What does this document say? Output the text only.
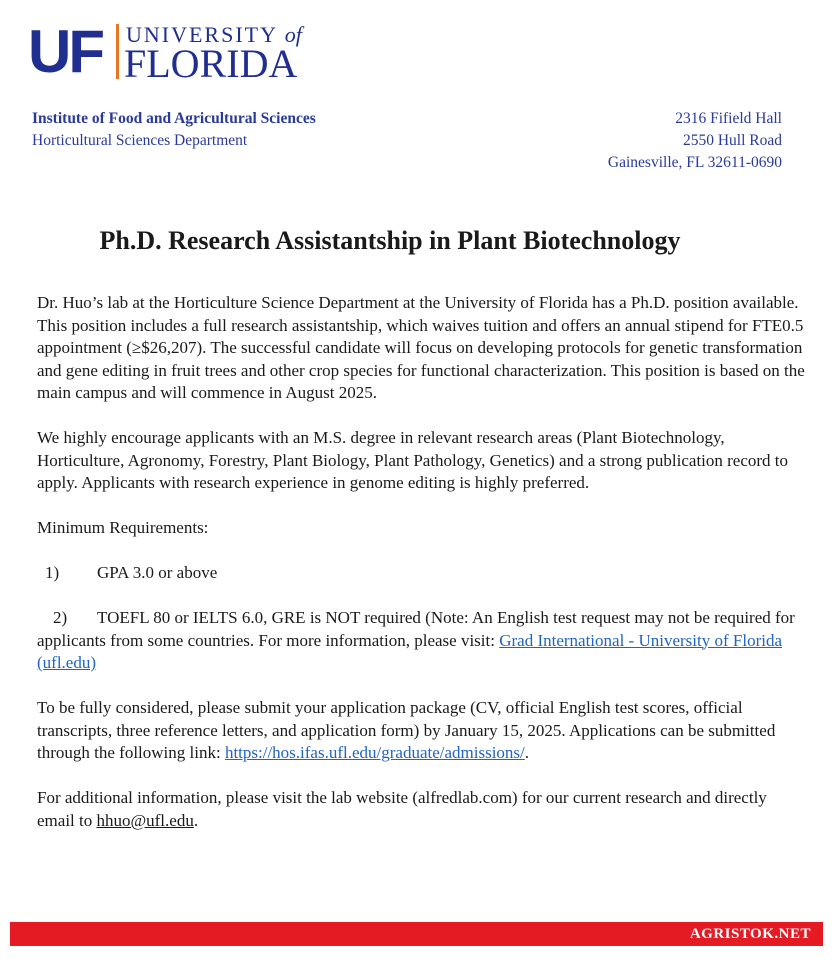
UF UNIVERSITY of
FLORIDA
Institute of Food and Agricultural Sciences
Horticultural Sciences Department
2316 Fifield Hall
2550 Hull Road
Gainesville, FL 32611-0690
Ph.D. Research Assistantship in Plant Biotechnology

Dr. Huo’s lab at the Horticulture Science Department at the University of Florida has a Ph.D. position available. This position includes a full research assistantship, which waives tuition and offers an annual stipend for FTE0.5 appointment (≥$26,207). The successful candidate will focus on developing protocols for genetic transformation and gene editing in fruit trees and other crop species for functional characterization. This position is based on the main campus and will commence in August 2025.

We highly encourage applicants with an M.S. degree in relevant research areas (Plant Biotechnology, Horticulture, Agronomy, Forestry, Plant Biology, Plant Pathology, Genetics) and a strong publication record to apply. Applicants with research experience in genome editing is highly preferred.

Minimum Requirements:

1) GPA 3.0 or above

2) TOEFL 80 or IELTS 6.0, GRE is NOT required (Note: An English test request may not be required for applicants from some countries. For more information, please visit: Grad International - University of Florida (ufl.edu)

To be fully considered, please submit your application package (CV, official English test scores, official transcripts, three reference letters, and application form) by January 15, 2025. Applications can be submitted through the following link: https://hos.ifas.ufl.edu/graduate/admissions/.

For additional information, please visit the lab website (alfredlab.com) for our current research and directly email to hhuo@ufl.edu.

AGRISTOK.NET
